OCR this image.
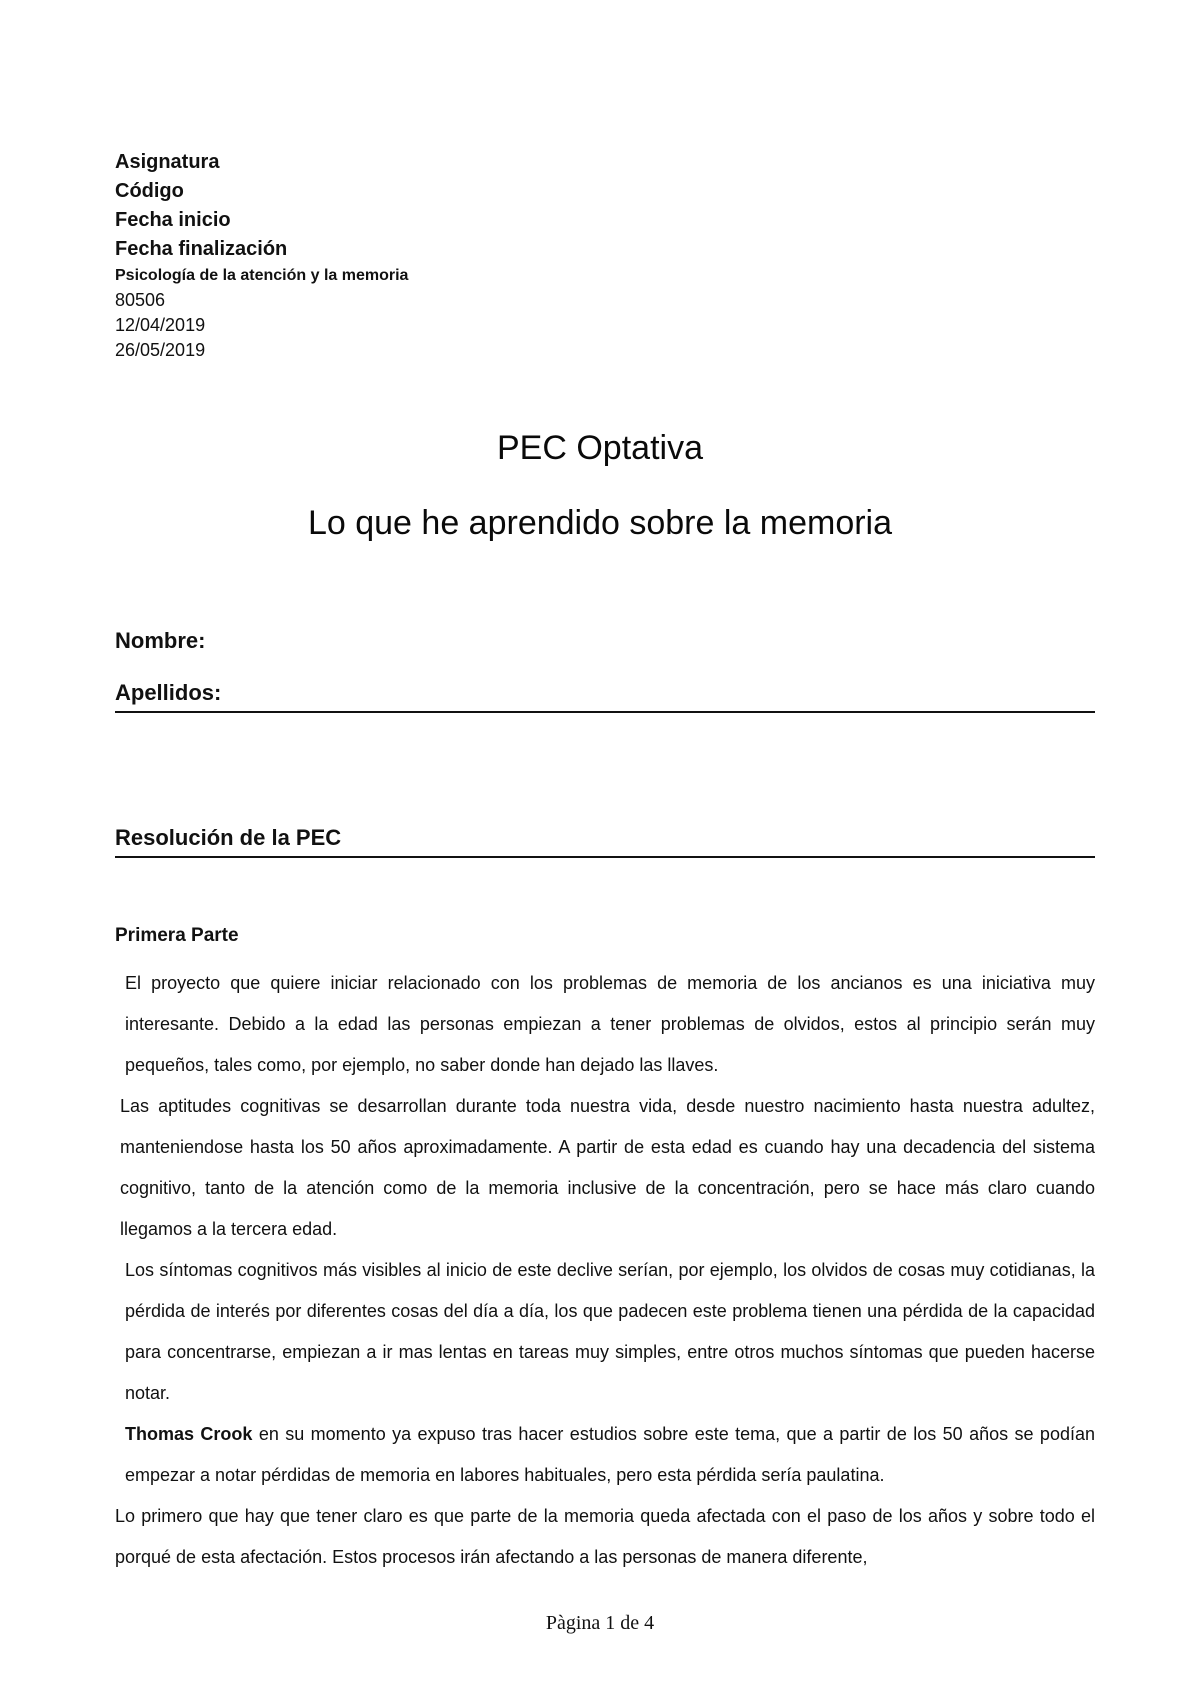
Asignatura
Código
Fecha inicio
Fecha finalización
Psicología de la atención y la memoria
80506
12/04/2019
26/05/2019
PEC Optativa
Lo que he aprendido sobre la memoria
Nombre:
Apellidos:
Resolución de la PEC
Primera Parte

El proyecto que quiere iniciar relacionado con los problemas de memoria de los ancianos es una iniciativa muy interesante. Debido a la edad las personas empiezan a tener problemas de olvidos, estos al principio serán muy pequeños, tales como, por ejemplo, no saber donde han dejado las llaves.

Las aptitudes cognitivas se desarrollan durante toda nuestra vida, desde nuestro nacimiento hasta nuestra adultez, manteniendose hasta los 50 años aproximadamente. A partir de esta edad es cuando hay una decadencia del sistema cognitivo, tanto de la atención como de la memoria inclusive de la concentración, pero se hace más claro cuando llegamos a la tercera edad.

Los síntomas cognitivos más visibles al inicio de este declive serían, por ejemplo, los olvidos de cosas muy cotidianas, la pérdida de interés por diferentes cosas del día a día, los que padecen este problema tienen una pérdida de la capacidad para concentrarse, empiezan a ir mas lentas en tareas muy simples, entre otros muchos síntomas que pueden hacerse notar.

Thomas Crook en su momento ya expuso tras hacer estudios sobre este tema, que a partir de los 50 años se podían empezar a notar pérdidas de memoria en labores habituales, pero esta pérdida sería paulatina.

Lo primero que hay que tener claro es que parte de la memoria queda afectada con el paso de los años y sobre todo el porqué de esta afectación. Estos procesos irán afectando a las personas de manera diferente,

Pàgina 1 de 4
